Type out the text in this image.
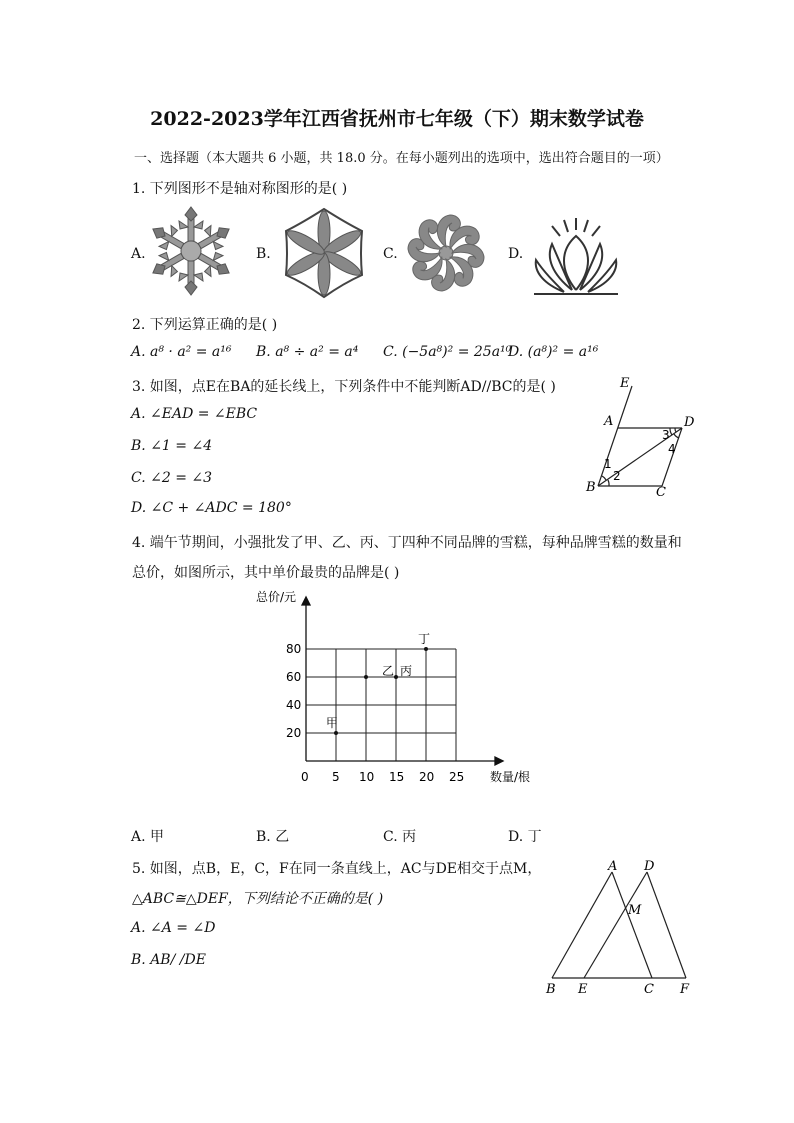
2022-2023学年江西省抚州市七年级（下）期末数学试卷
一、选择题（本大题共 6 小题，共 18.0 分。在每小题列出的选项中，选出符合题目的一项）
1. 下列图形不是轴对称图形的是( )
A.	B.	C.	D.
2. 下列运算正确的是( )
A. a⁸ · a² = a¹⁶ B. a⁸ ÷ a² = a⁴ C. (−5a⁸)² = 25a¹⁰
D. (a⁸)² = a¹⁶
3. 如图，点E在BA的延长线上，下列条件中不能判断AD//BC的是( )
A. ∠EAD = ∠EBC
B. ∠1 = ∠4
C. ∠2 = ∠3
D. ∠C + ∠ADC = 180°
E
A	D
B	C
1
2
3
4
4. 端午节期间，小强批发了甲、乙、丙、丁四种不同品牌的雪糕，每种品牌雪糕的数量和
总价，如图所示，其中单价最贵的品牌是( )
0 5 10 15 20 25
20
40
60
80
甲
乙 丙
丁
总价/元
数量/根
A. 甲	B. 乙	C. 丙	D. 丁
5. 如图，点B，E，C，F在同一条直线上，AC与DE相交于点M，
△ABC≅△DEF，下列结论不正确的是( )
A. ∠A = ∠D
B. AB/ /DE
A D
M
B E	C F
